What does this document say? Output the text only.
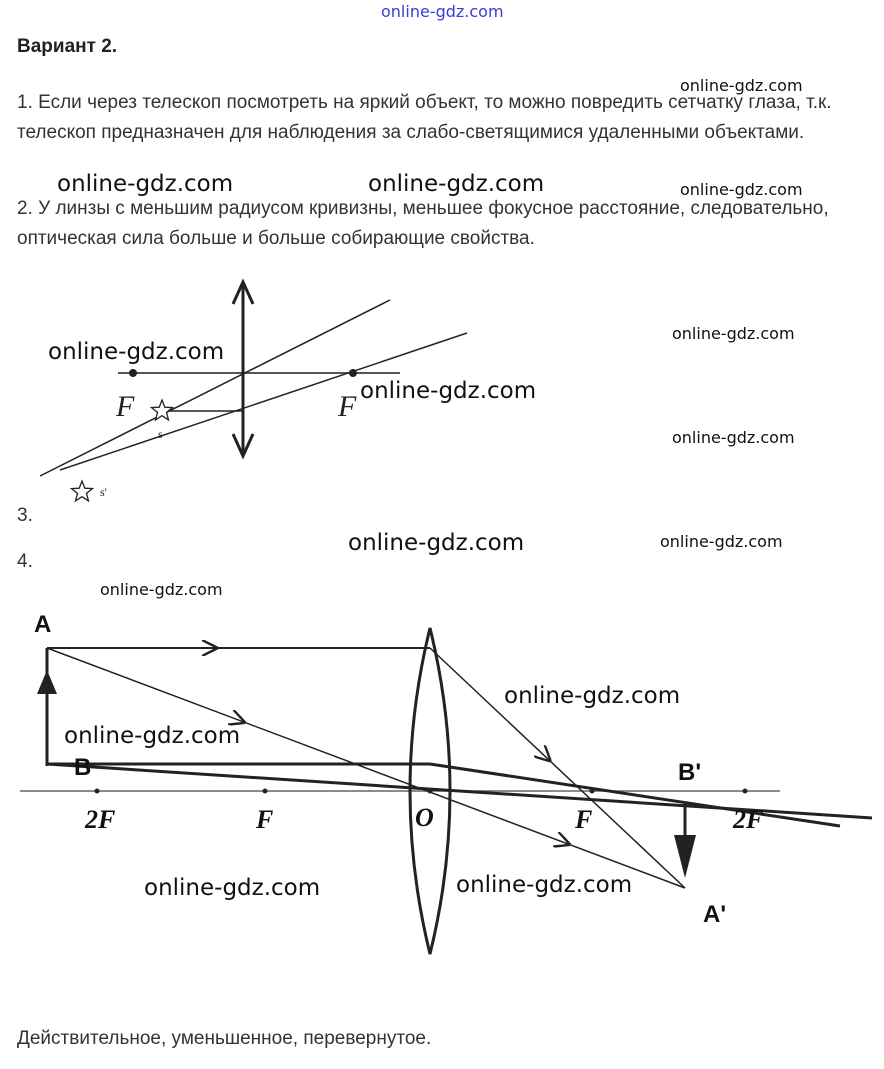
online-gdz.com
Вариант 2.
1. Если через телескоп посмотреть на яркий объект, то можно повредить сетчатку глаза, т.к. телескоп предназначен для наблюдения за слабо-светящимися удаленными объектами.
2. У линзы с меньшим радиусом кривизны, меньшее фокусное расстояние, следовательно, оптическая сила больше и больше собирающие свойства.
F	F
s
s'
3.
4.
A
B
A'
B'
2F	F	O	F	2F
Действительное, уменьшенное, перевернутое.
online-gdz.com
online-gdz.com	online-gdz.com	online-gdz.com
online-gdz.com
online-gdz.com
online-gdz.com
online-gdz.com
online-gdz.com	online-gdz.com
online-gdz.com
online-gdz.com
online-gdz.com
online-gdz.com
online-gdz.com
